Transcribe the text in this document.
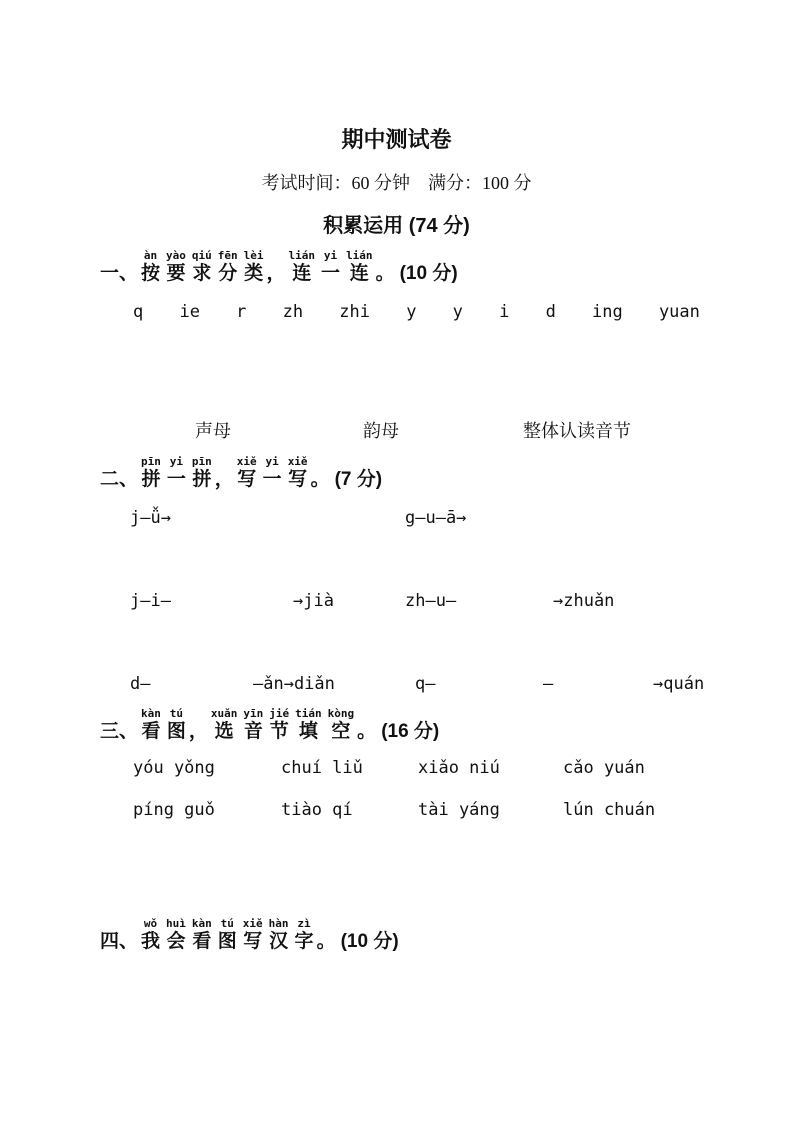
期中测试卷
考试时间：60 分钟　满分：100 分
积累运用 (74 分)
一、
àn
按
yào
要
qiú
求
fēn
分
lèi
类 ，
lián
连
yi
一
lián
连 。 (10 分)
q ie r zh zhi y y i d ing yuan
声母	韵母	整体认读音节
二、
pīn
拼
yi
一
pīn
拼 ，
xiě
写
yi
一
xiě
写 。 (7 分)
j—ǚ→	g—u—ā→
j—i—	→jià	zh—u—	→zhuǎn
d—	—ǎn→diǎn	q—	—	→quán
三、
kàn
看
tú
图 ，
xuǎn
选
yīn
音
jié
节
tián
填
kòng
空 。 (16 分)
yóu yǒng	chuí liǔ	xiǎo niú	cǎo yuán
píng guǒ	tiào qí	tài yáng	lún chuán
四、
wǒ
我
huì
会
kàn
看
tú
图
xiě
写
hàn
汉
zì
字 。 (10 分)
